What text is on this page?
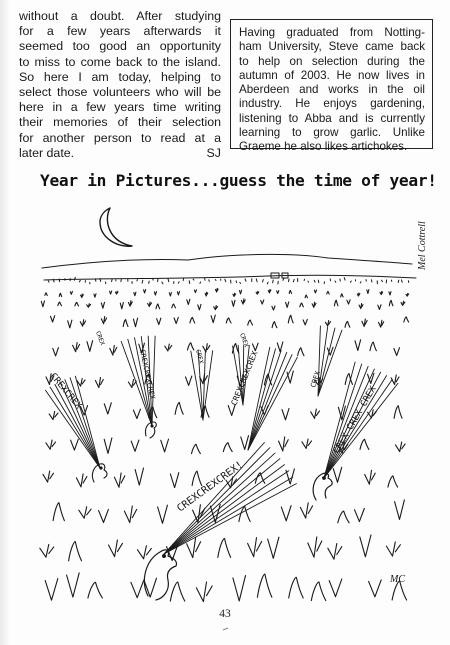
without a doubt. After studying
for a few years afterwards it
seemed too good an opportunity
to miss to come back to the island.
So here I am today, helping to
select those volunteers who will be
here in a few years time writing
their memories of their selection
for another person to read at a
later date.	SJ
Having graduated from Notting-
ham University, Steve came back
to help on selection during the
autumn of 2003. He now lives in
Aberdeen and works in the oil
industry. He enjoys gardening,
listening to Abba and is currently
learning to grow garlic. Unlike
Graeme he also likes artichokes.
Year in Pictures...guess the time of year!
Mel Cottrell
CREXCREX
CREX
CREXCREXCREX	CREX
CREX
CREXCREXCREX
CREXCREXCREX!
CREX
CREX CREX CREX
MC
43
